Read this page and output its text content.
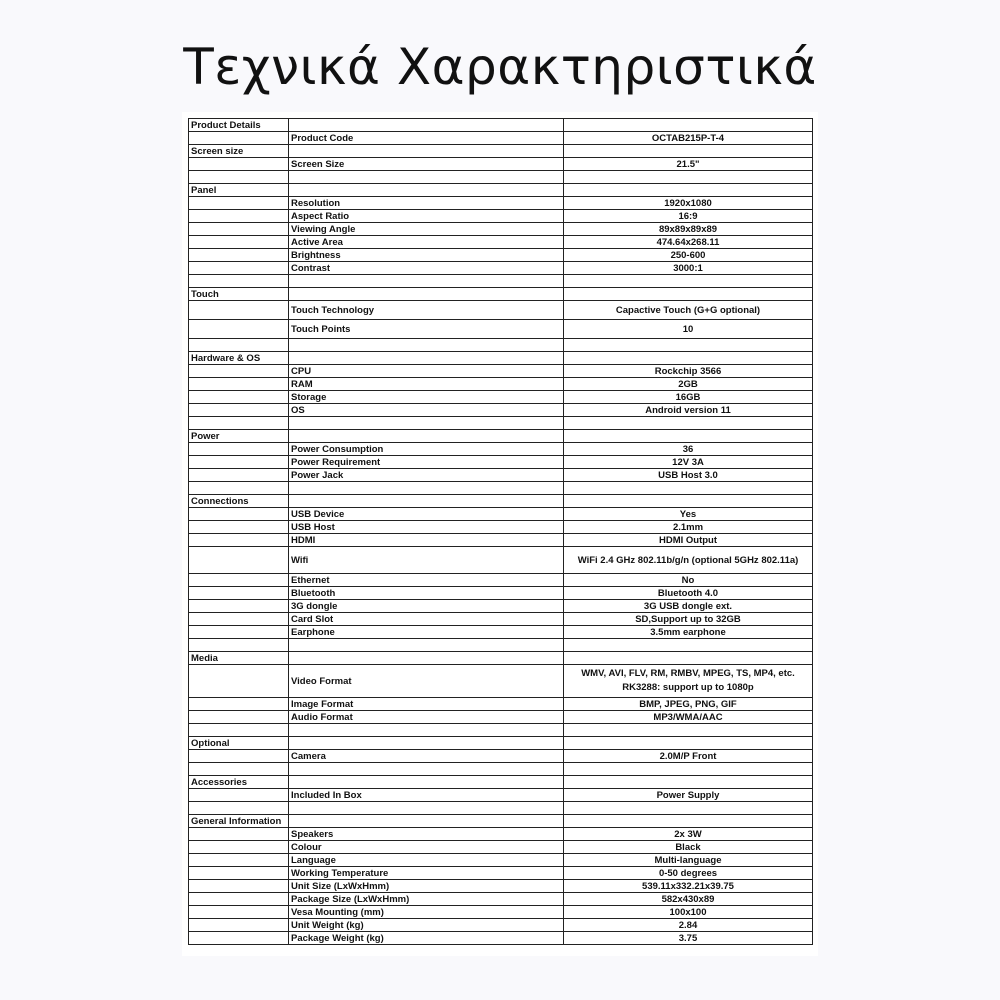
Τεχνικά Χαρακτηριστικά
Product Details		
	Product Code	OCTAB215P-T-4
Screen size		
	Screen Size	21.5"

Panel		
	Resolution	1920x1080
	Aspect Ratio	16:9
	Viewing Angle	89x89x89x89
	Active Area	474.64x268.11
	Brightness	250-600
	Contrast	3000:1

Touch		
	Touch Technology	Capactive Touch (G+G optional)
	Touch Points	10

Hardware & OS		
	CPU	Rockchip 3566
	RAM	2GB
	Storage	16GB
	OS	Android version 11

Power		
	Power Consumption	36
	Power Requirement	12V 3A
	Power Jack	USB Host 3.0

Connections		
	USB Device	Yes
	USB Host	2.1mm
	HDMI	HDMI Output
	Wifi	WiFi 2.4 GHz 802.11b/g/n (optional 5GHz 802.11a)
	Ethernet	No
	Bluetooth	Bluetooth 4.0
	3G dongle	3G USB dongle ext.
	Card Slot	SD,Support up to 32GB
	Earphone	3.5mm earphone

Media		
	Video Format	WMV, AVI, FLV, RM, RMBV, MPEG, TS, MP4, etc. RK3288: support up to 1080p
	Image Format	BMP, JPEG, PNG, GIF
	Audio Format	MP3/WMA/AAC

Optional		
	Camera	2.0M/P Front

Accessories		
	Included In Box	Power Supply

General Information		
	Speakers	2x 3W
	Colour	Black
	Language	Multi-language
	Working Temperature	0-50 degrees
	Unit Size (LxWxHmm)	539.11x332.21x39.75
	Package Size (LxWxHmm)	582x430x89
	Vesa Mounting (mm)	100x100
	Unit Weight (kg)	2.84
	Package Weight (kg)	3.75
